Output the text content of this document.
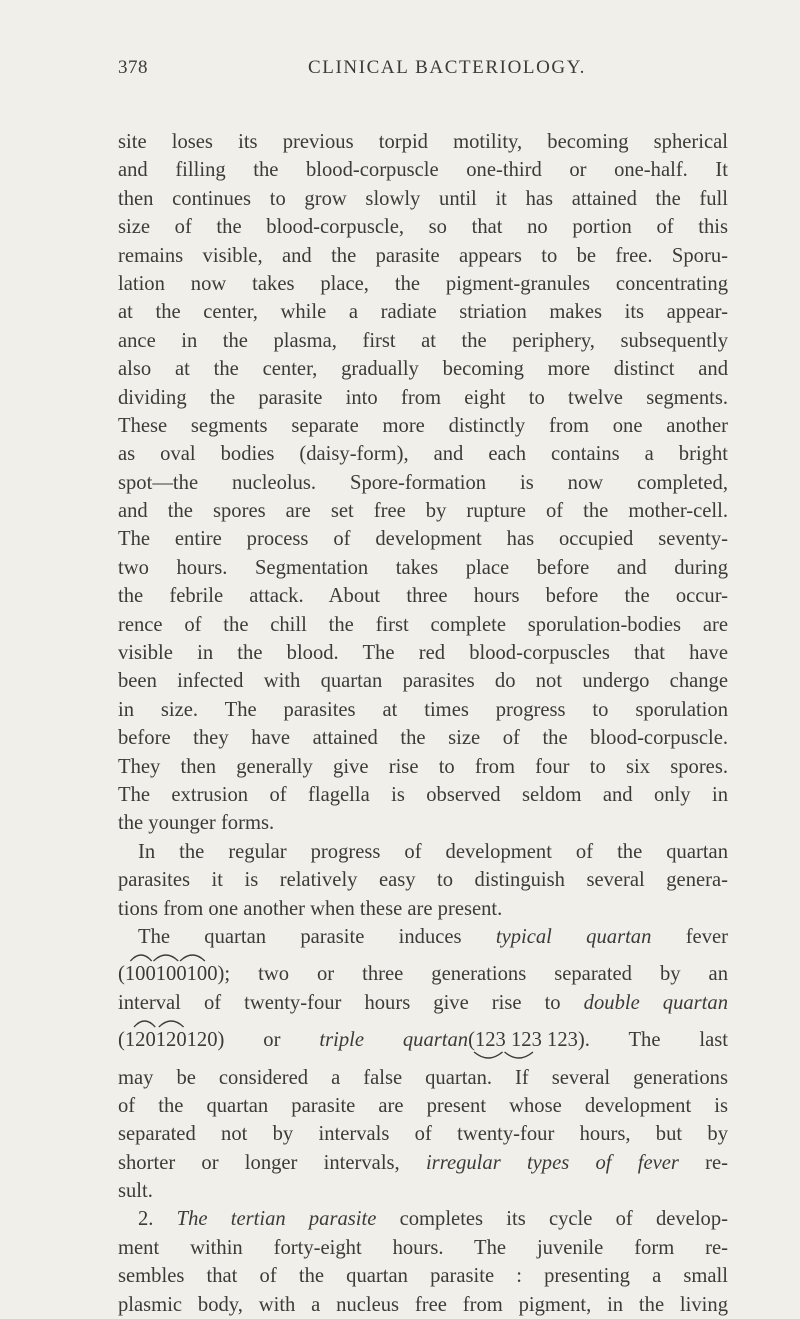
378	CLINICAL BACTERIOLOGY.
site loses its previous torpid motility, becoming spherical
and filling the blood-corpuscle one-third or one-half. It
then continues to grow slowly until it has attained the full
size of the blood-corpuscle, so that no portion of this
remains visible, and the parasite appears to be free. Sporu-
lation now takes place, the pigment-granules concentrating
at the center, while a radiate striation makes its appear-
ance in the plasma, first at the periphery, subsequently
also at the center, gradually becoming more distinct and
dividing the parasite into from eight to twelve segments.
These segments separate more distinctly from one another
as oval bodies (daisy-form), and each contains a bright
spot—the nucleolus. Spore-formation is now completed,
and the spores are set free by rupture of the mother-cell.
The entire process of development has occupied seventy-
two hours. Segmentation takes place before and during
the febrile attack. About three hours before the occur-
rence of the chill the first complete sporulation-bodies are
visible in the blood. The red blood-corpuscles that have
been infected with quartan parasites do not undergo change
in size. The parasites at times progress to sporulation
before they have attained the size of the blood-corpuscle.
They then generally give rise to from four to six spores.
The extrusion of flagella is observed seldom and only in
the younger forms.
In the regular progress of development of the quartan
parasites it is relatively easy to distinguish several genera-
tions from one another when these are present.
The quartan parasite induces typical quartan fever
(100100100); two or three generations separated by an
interval of twenty-four hours give rise to double quartan
(120120120) or triple quartan(123 123 123).
The last
may be considered a false quartan. If several generations
of the quartan parasite are present whose development is
separated not by intervals of twenty-four hours, but by
shorter or longer intervals, irregular types of fever re-
sult.
2. The tertian parasite completes its cycle of develop-
ment within forty-eight hours. The juvenile form re-
sembles that of the quartan parasite : presenting a small
plasmic body, with a nucleus free from pigment, in the living
